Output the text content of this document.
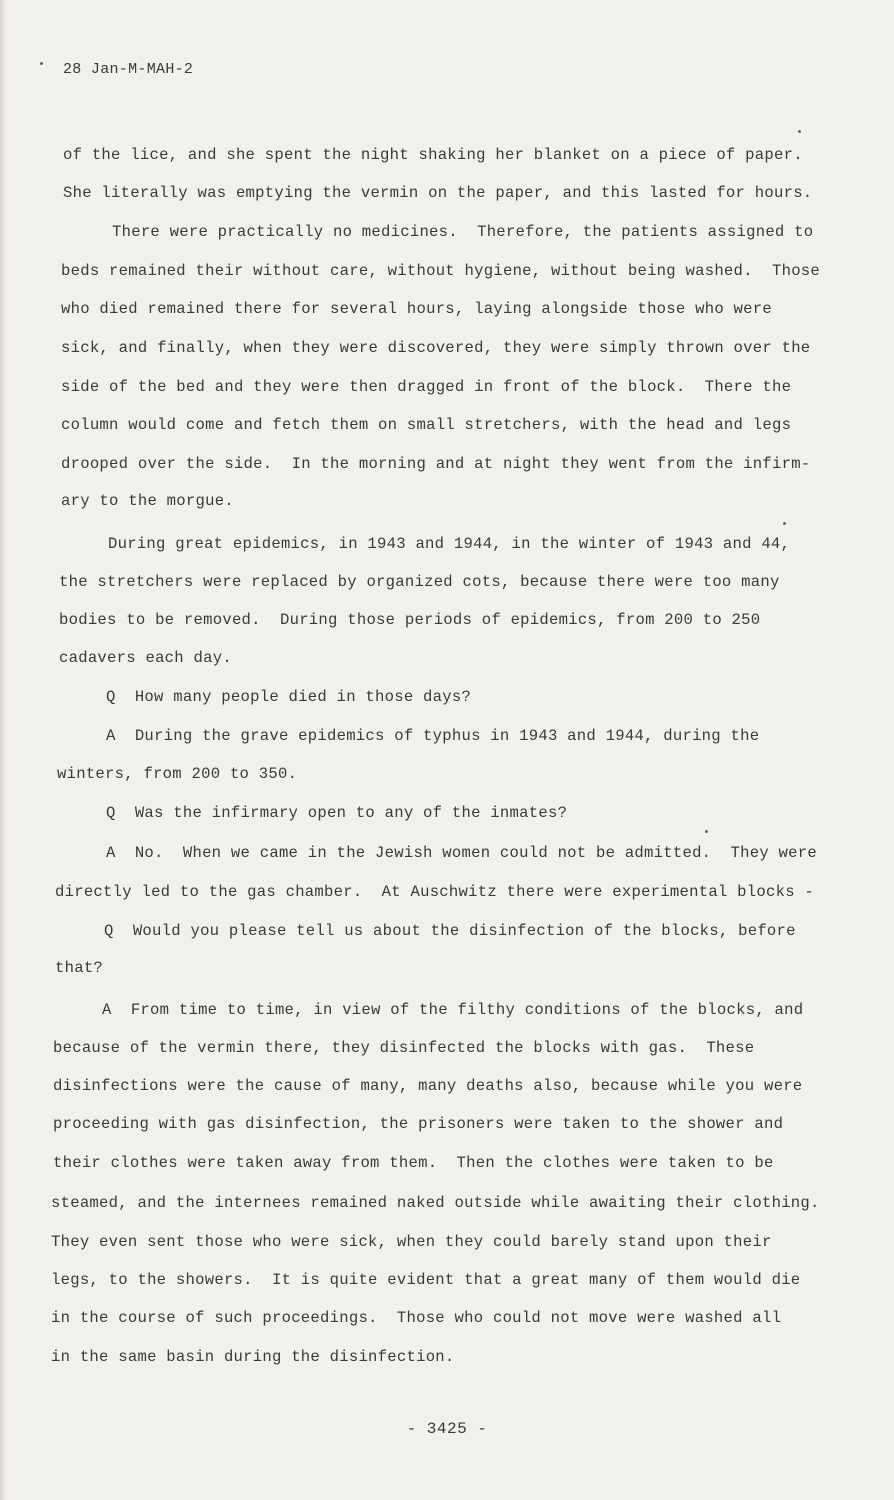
28 Jan-M-MAH-2
of the lice, and she spent the night shaking her blanket on a piece of paper.
She literally was emptying the vermin on the paper, and this lasted for hours.
There were practically no medicines.  Therefore, the patients assigned to
beds remained their without care, without hygiene, without being washed.  Those
who died remained there for several hours, laying alongside those who were
sick, and finally, when they were discovered, they were simply thrown over the
side of the bed and they were then dragged in front of the block.  There the
column would come and fetch them on small stretchers, with the head and legs
drooped over the side.  In the morning and at night they went from the infirm-
ary to the morgue.
During great epidemics, in 1943 and 1944, in the winter of 1943 and 44,
the stretchers were replaced by organized cots, because there were too many
bodies to be removed.  During those periods of epidemics, from 200 to 250
cadavers each day.
Q  How many people died in those days?
A  During the grave epidemics of typhus in 1943 and 1944, during the
winters, from 200 to 350.
Q  Was the infirmary open to any of the inmates?
A  No.  When we came in the Jewish women could not be admitted.  They were
directly led to the gas chamber.  At Auschwitz there were experimental blocks -
Q  Would you please tell us about the disinfection of the blocks, before
that?
A  From time to time, in view of the filthy conditions of the blocks, and
because of the vermin there, they disinfected the blocks with gas.  These
disinfections were the cause of many, many deaths also, because while you were
proceeding with gas disinfection, the prisoners were taken to the shower and
their clothes were taken away from them.  Then the clothes were taken to be
steamed, and the internees remained naked outside while awaiting their clothing.
They even sent those who were sick, when they could barely stand upon their
legs, to the showers.  It is quite evident that a great many of them would die
in the course of such proceedings.  Those who could not move were washed all
in the same basin during the disinfection.
- 3425 -
